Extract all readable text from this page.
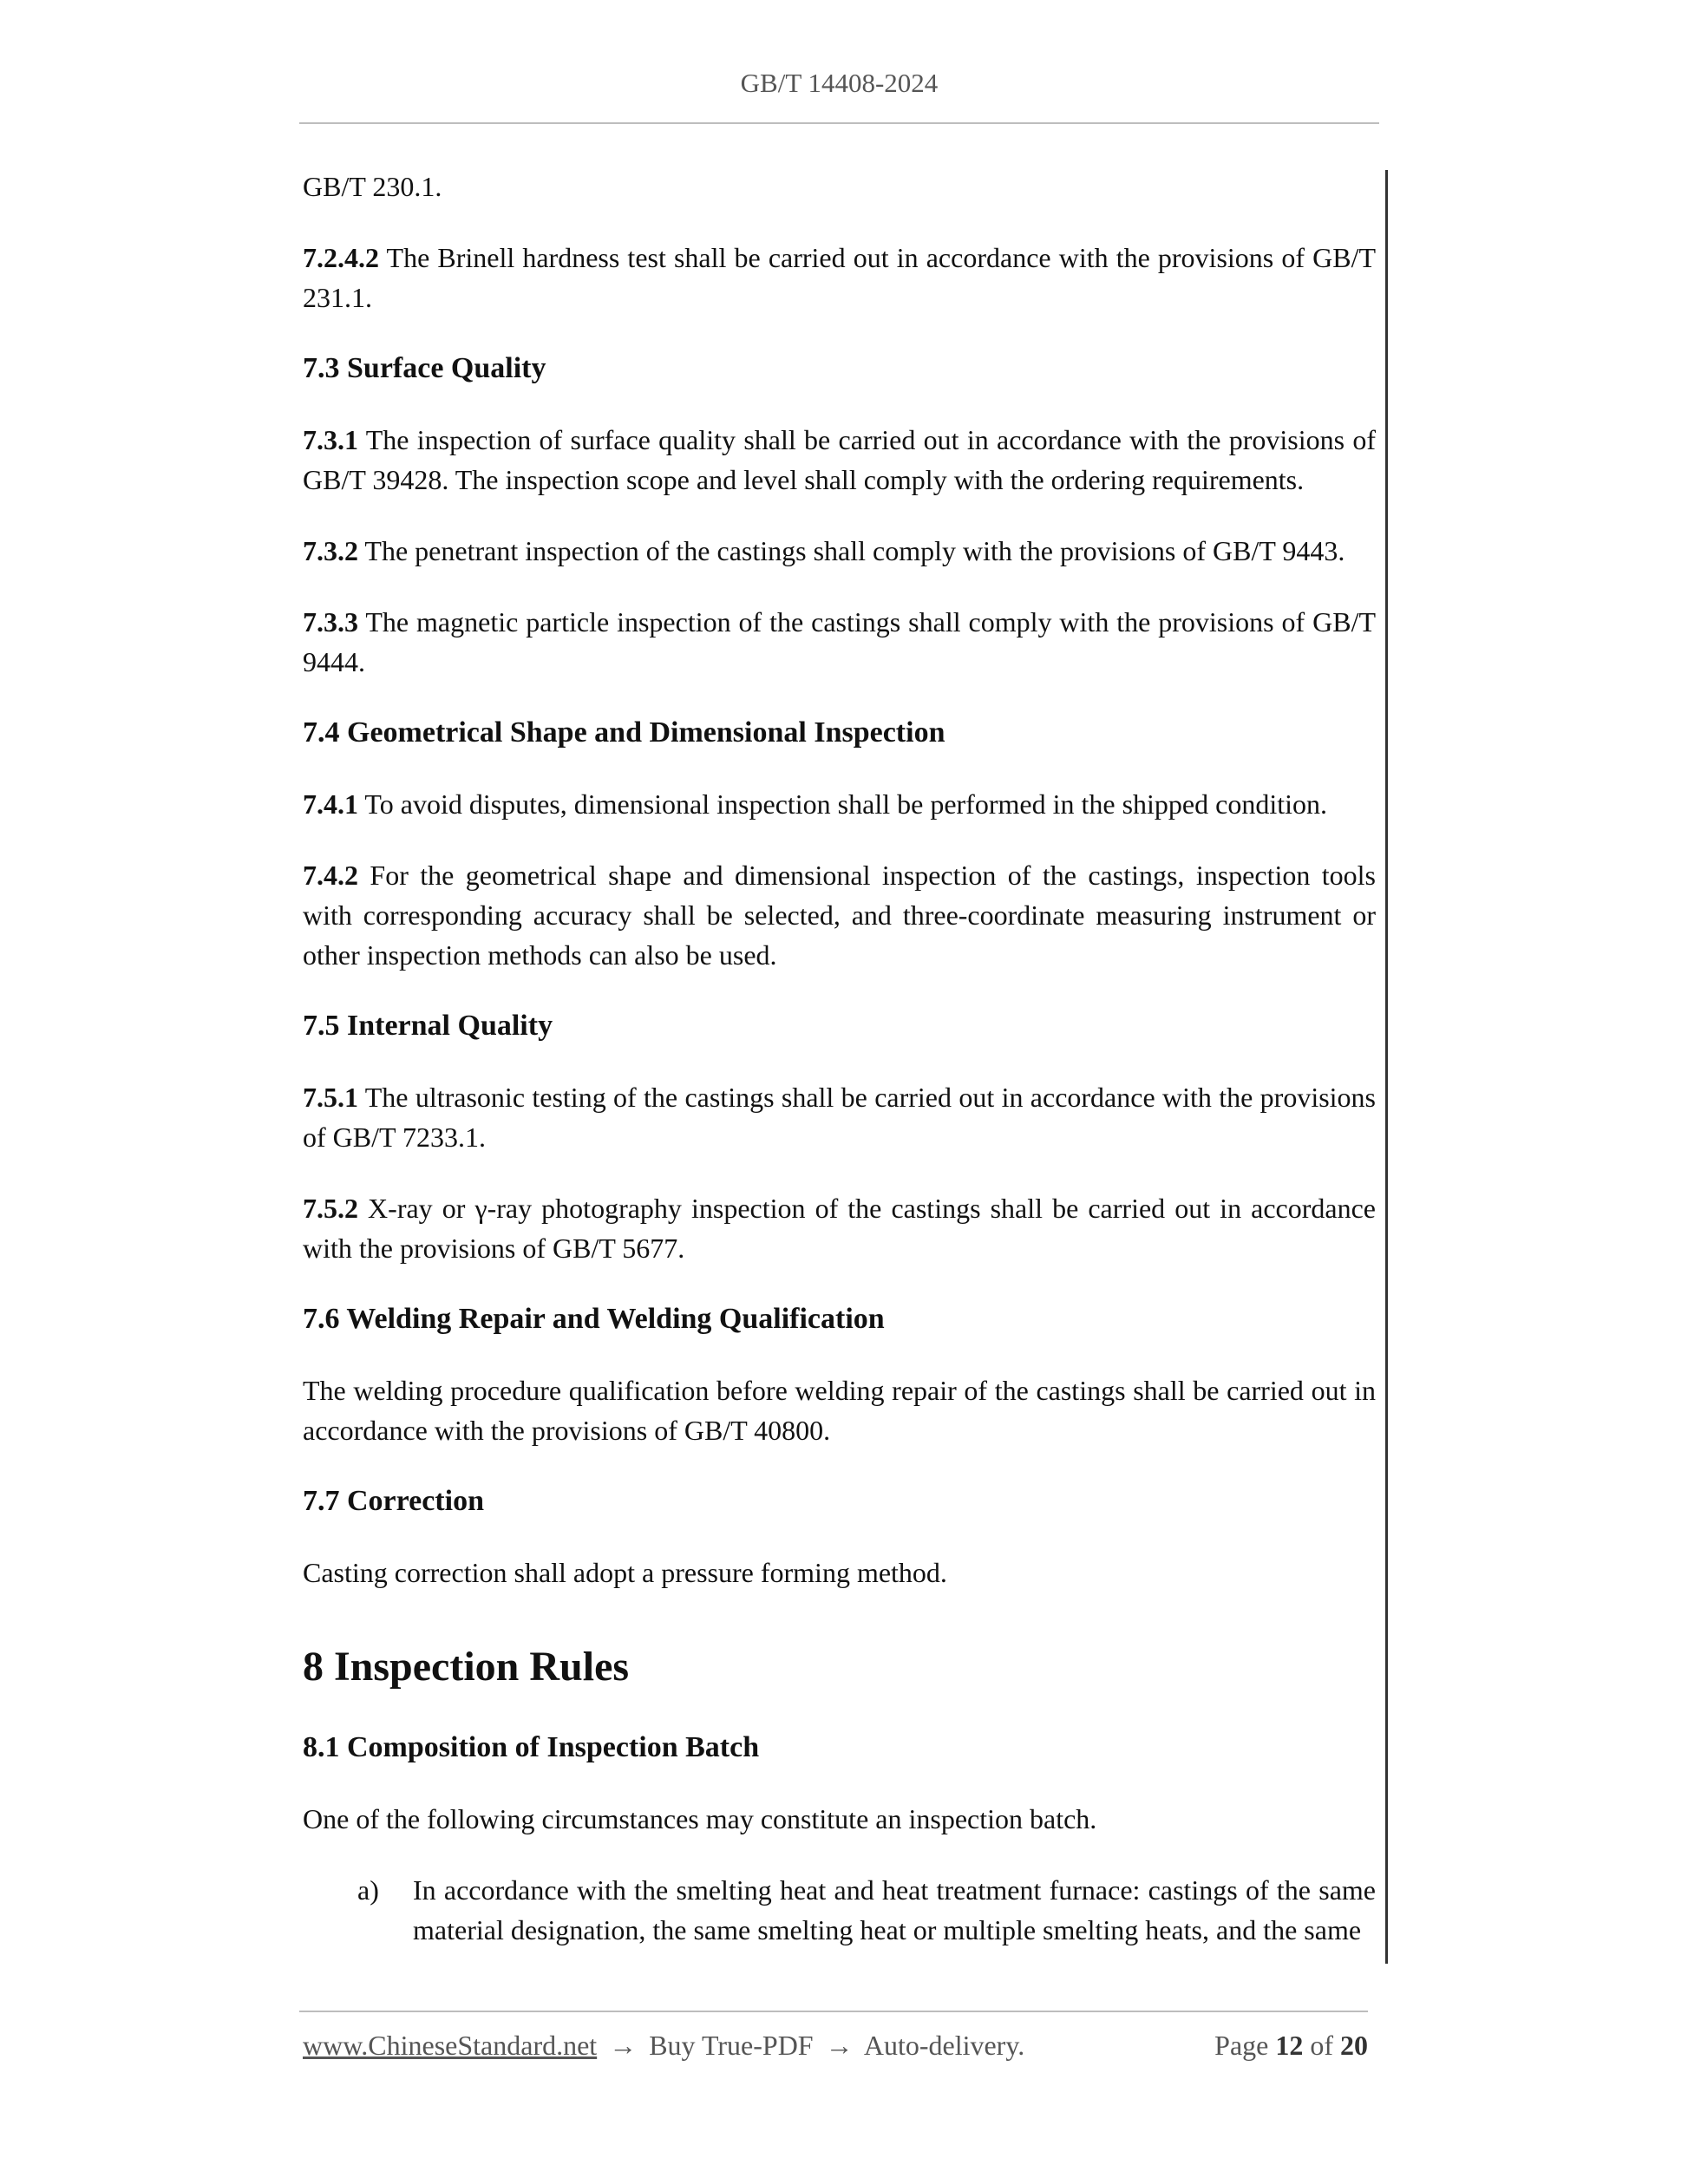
GB/T 14408-2024

GB/T 230.1.

7.2.4.2 The Brinell hardness test shall be carried out in accordance with the provisions of GB/T 231.1.

7.3 Surface Quality

7.3.1 The inspection of surface quality shall be carried out in accordance with the provisions of GB/T 39428. The inspection scope and level shall comply with the ordering requirements.

7.3.2 The penetrant inspection of the castings shall comply with the provisions of GB/T 9443.

7.3.3 The magnetic particle inspection of the castings shall comply with the provisions of GB/T 9444.

7.4 Geometrical Shape and Dimensional Inspection

7.4.1 To avoid disputes, dimensional inspection shall be performed in the shipped condition.

7.4.2 For the geometrical shape and dimensional inspection of the castings, inspection tools with corresponding accuracy shall be selected, and three-coordinate measuring instrument or other inspection methods can also be used.

7.5 Internal Quality

7.5.1 The ultrasonic testing of the castings shall be carried out in accordance with the provisions of GB/T 7233.1.

7.5.2 X-ray or γ-ray photography inspection of the castings shall be carried out in accordance with the provisions of GB/T 5677.

7.6 Welding Repair and Welding Qualification

The welding procedure qualification before welding repair of the castings shall be carried out in accordance with the provisions of GB/T 40800.

7.7 Correction

Casting correction shall adopt a pressure forming method.

8 Inspection Rules
8.1 Composition of Inspection Batch

One of the following circumstances may constitute an inspection batch.

a)	In accordance with the smelting heat and heat treatment furnace: castings of the same material designation, the same smelting heat or multiple smelting heats, and the same
www.ChineseStandard.net → Buy True-PDF → Auto-delivery.	Page 12 of 20
